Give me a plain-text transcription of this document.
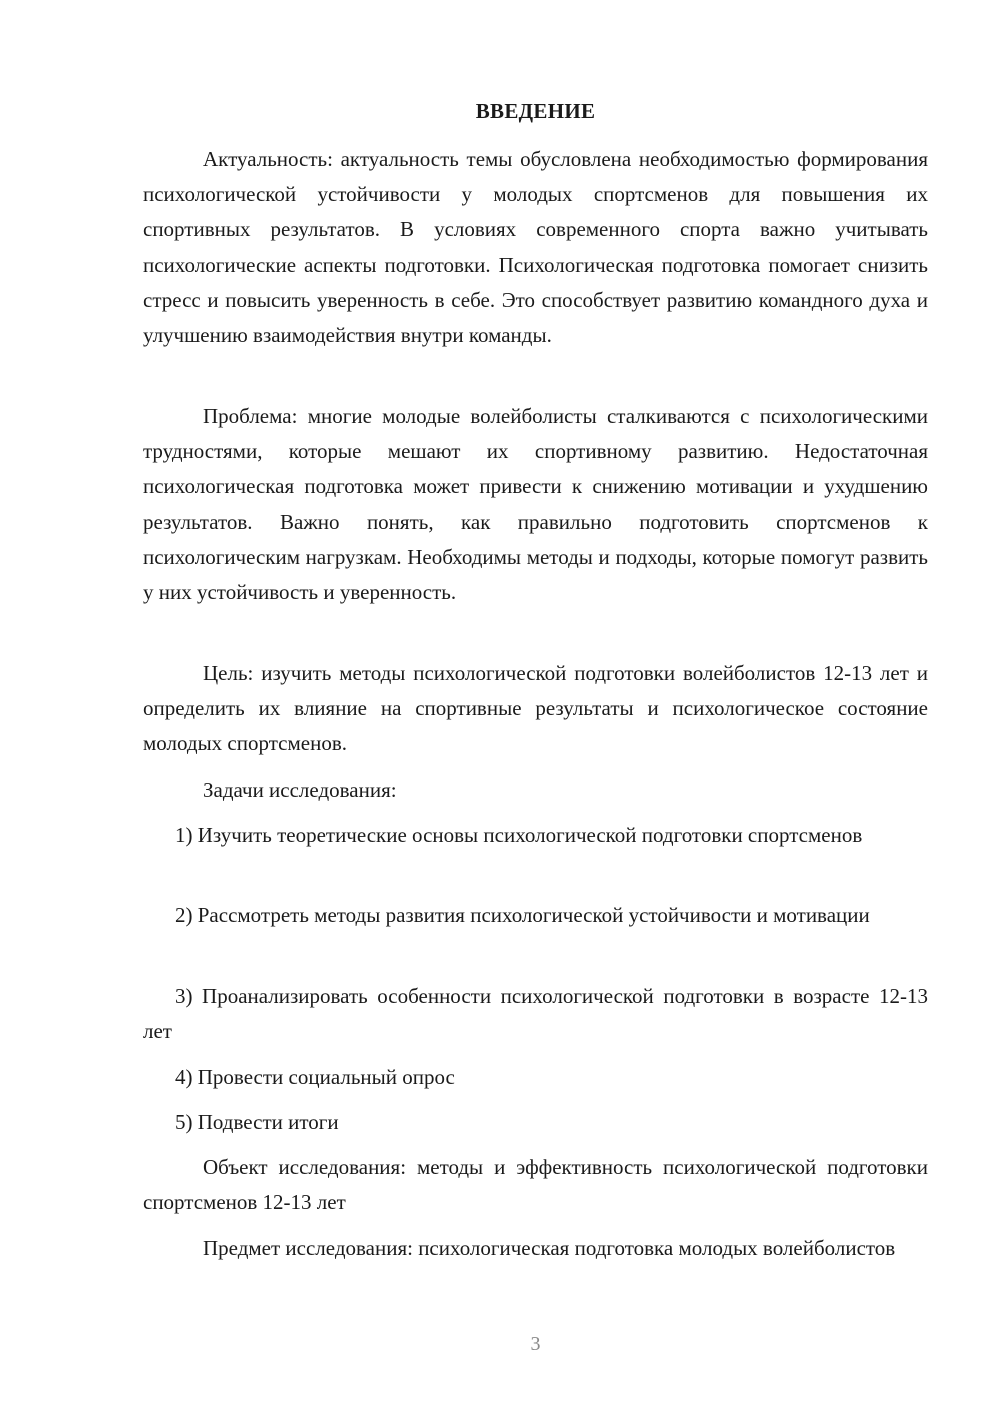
ВВЕДЕНИЕ

Актуальность: актуальность темы обусловлена необходимостью формирования психологической устойчивости у молодых спортсменов для повышения их спортивных результатов. В условиях современного спорта важно учитывать психологические аспекты подготовки. Психологическая подготовка помогает снизить стресс и повысить уверенность в себе. Это способствует развитию командного духа и улучшению взаимодействия внутри команды.

Проблема: многие молодые волейболисты сталкиваются с психологическими трудностями, которые мешают их спортивному развитию. Недостаточная психологическая подготовка может привести к снижению мотивации и ухудшению результатов. Важно понять, как правильно подготовить спортсменов к психологическим нагрузкам. Необходимы методы и подходы, которые помогут развить у них устойчивость и уверенность.

Цель: изучить методы психологической подготовки волейболистов 12-13 лет и определить их влияние на спортивные результаты и психологическое состояние молодых спортсменов.

Задачи исследования:

1) Изучить теоретические основы психологической подготовки спортсменов

2) Рассмотреть методы развития психологической устойчивости и мотивации

3) Проанализировать особенности психологической подготовки в возрасте 12-13 лет

4) Провести социальный опрос

5) Подвести итоги

Объект исследования: методы и эффективность психологической подготовки спортсменов 12-13 лет

Предмет исследования: психологическая подготовка молодых волейболистов

3
